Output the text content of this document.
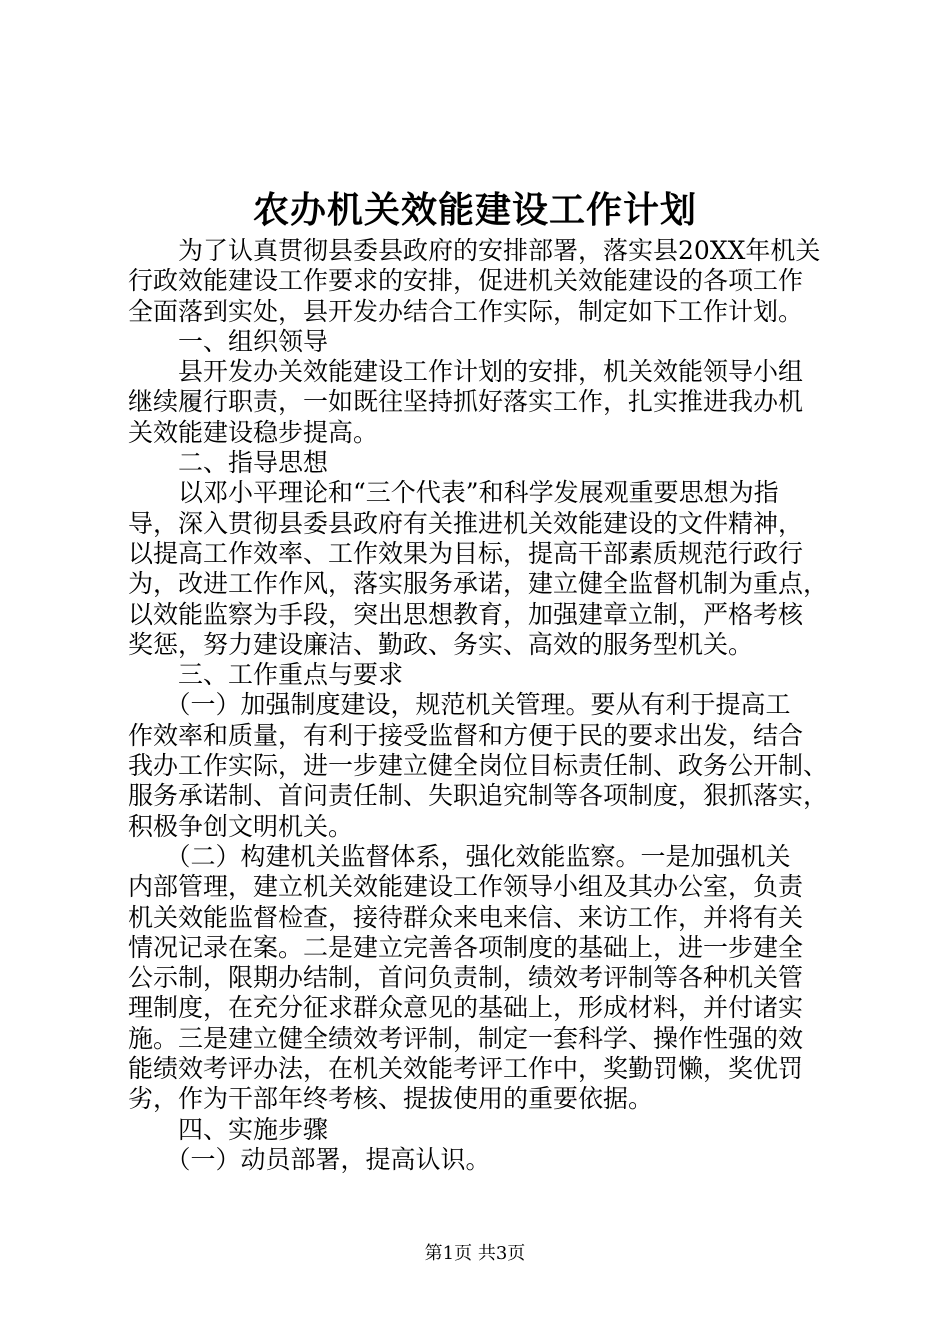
农办机关效能建设工作计划
　　为了认真贯彻县委县政府的安排部署，落实县20XX年机关
行政效能建设工作要求的安排，促进机关效能建设的各项工作
全面落到实处，县开发办结合工作实际，制定如下工作计划。
　　一、组织领导
　　县开发办关效能建设工作计划的安排，机关效能领导小组
继续履行职责，一如既往坚持抓好落实工作，扎实推进我办机
关效能建设稳步提高。
　　二、指导思想
　　以邓小平理论和“三个代表”和科学发展观重要思想为指
导，深入贯彻县委县政府有关推进机关效能建设的文件精神，
以提高工作效率、工作效果为目标，提高干部素质规范行政行
为，改进工作作风，落实服务承诺，建立健全监督机制为重点，
以效能监察为手段，突出思想教育，加强建章立制，严格考核
奖惩，努力建设廉洁、勤政、务实、高效的服务型机关。
　　三、工作重点与要求
　　（一）加强制度建设，规范机关管理。要从有利于提高工
作效率和质量，有利于接受监督和方便于民的要求出发，结合
我办工作实际，进一步建立健全岗位目标责任制、政务公开制、
服务承诺制、首问责任制、失职追究制等各项制度，狠抓落实，
积极争创文明机关。
　　（二）构建机关监督体系，强化效能监察。一是加强机关
内部管理，建立机关效能建设工作领导小组及其办公室，负责
机关效能监督检查，接待群众来电来信、来访工作，并将有关
情况记录在案。二是建立完善各项制度的基础上，进一步建全
公示制，限期办结制，首问负责制，绩效考评制等各种机关管
理制度，在充分征求群众意见的基础上，形成材料，并付诸实
施。三是建立健全绩效考评制，制定一套科学、操作性强的效
能绩效考评办法，在机关效能考评工作中，奖勤罚懒，奖优罚
劣，作为干部年终考核、提拔使用的重要依据。
　　四、实施步骤
　　（一）动员部署，提高认识。
第1页 共3页
